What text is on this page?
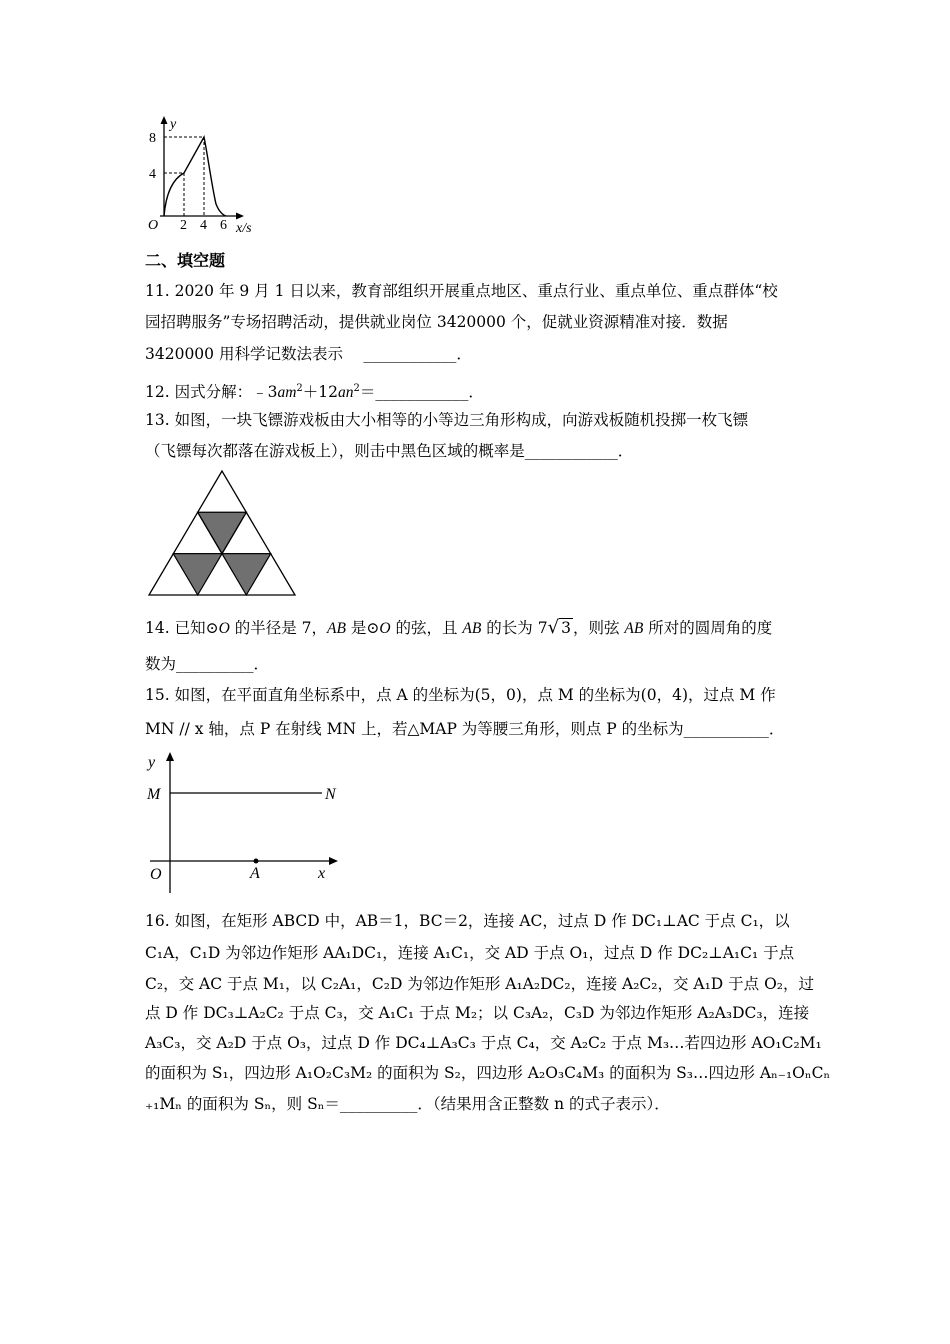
y
8
4
O 2 4 6 x/s
二、填空题
11. 2020 年 9 月 1 日以来，教育部组织开展重点地区、重点行业、重点单位、重点群体“校
园招聘服务”专场招聘活动，提供就业岗位 3420000 个，促就业资源精准对接．数据
3420000 用科学记数法表示　 ____________．
12. 因式分解：$﹣3am^2+12an^2=\_\_\_\_\_\_\_\_\_\_\_\_$．
13. 如图，一块飞镖游戏板由大小相等的小等边三角形构成，向游戏板随机投掷一枚飞镖
（飞镖每次都落在游戏板上），则击中黑色区域的概率是____________．
14. 已知⊙O 的半径是 7，AB 是⊙O 的弦，且 AB 的长为 7√ 3 ，则弦 AB 所对的圆周角的度
数为__________．
15. 如图，在平面直角坐标系中，点 A 的坐标为(5，0)，点 M 的坐标为(0，4)，过点 M 作
MN // x 轴，点 P 在射线 MN 上，若△MAP 为等腰三角形，则点 P 的坐标为___________．
y
M	N
O	A	x
16. 如图，在矩形 ABCD 中，AB＝1，BC＝2，连接 AC，过点 D 作 DC₁⊥AC 于点 C₁，以
C₁A，C₁D 为邻边作矩形 AA₁DC₁，连接 A₁C₁，交 AD 于点 O₁，过点 D 作 DC₂⊥A₁C₁ 于点
C₂，交 AC 于点 M₁，以 C₂A₁，C₂D 为邻边作矩形 A₁A₂DC₂，连接 A₂C₂，交 A₁D 于点 O₂，过
点 D 作 DC₃⊥A₂C₂ 于点 C₃，交 A₁C₁ 于点 M₂；以 C₃A₂，C₃D 为邻边作矩形 A₂A₃DC₃，连接
A₃C₃，交 A₂D 于点 O₃，过点 D 作 DC₄⊥A₃C₃ 于点 C₄，交 A₂C₂ 于点 M₃…若四边形 AO₁C₂M₁
的面积为 S₁，四边形 A₁O₂C₃M₂ 的面积为 S₂，四边形 A₂O₃C₄M₃ 的面积为 S₃…四边形 Aₙ₋₁OₙCₙ
₊₁Mₙ 的面积为 Sₙ，则 Sₙ＝__________．（结果用含正整数 n 的式子表示）．
